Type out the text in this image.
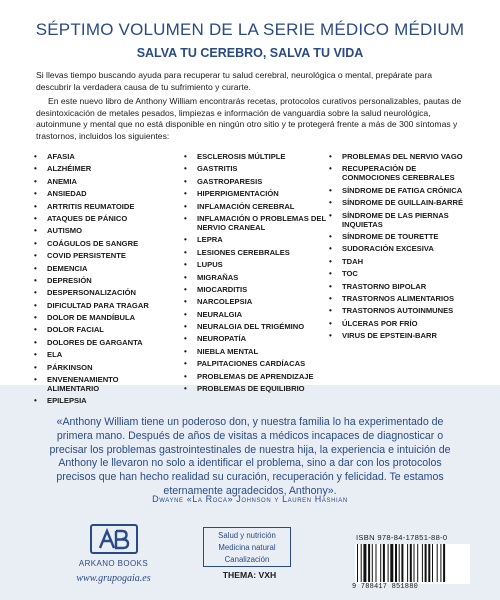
SÉPTIMO VOLUMEN DE LA SERIE MÉDICO MÉDIUM
SALVA TU CEREBRO, SALVA TU VIDA
Si llevas tiempo buscando ayuda para recuperar tu salud cerebral, neurológica o mental, prepárate para descubrir la verdadera causa de tu sufrimiento y curarte.
En este nuevo libro de Anthony William encontrarás recetas, protocolos curativos personalizables, pautas de desintoxicación de metales pesados, limpiezas e información de vanguardia sobre la salud neurológica, autoinmune y mental que no está disponible en ningún otro sitio y te protegerá frente a más de 300 síntomas y trastornos, incluidos los siguientes:
• AFASIA
• ALZHÉIMER
• ANEMIA
• ANSIEDAD
• ARTRITIS REUMATOIDE
• ATAQUES DE PÁNICO
• AUTISMO
• COÁGULOS DE SANGRE
• COVID PERSISTENTE
• DEMENCIA
• DEPRESIÓN
• DESPERSONALIZACIÓN
• DIFICULTAD PARA TRAGAR
• DOLOR DE MANDÍBULA
• DOLOR FACIAL
• DOLORES DE GARGANTA
• ELA
• PÁRKINSON
• ENVENENAMIENTO ALIMENTARIO
• EPILEPSIA
• ESCLEROSIS MÚLTIPLE
• GASTRITIS
• GASTROPARESIS
• HIPERPIGMENTACIÓN
• INFLAMACIÓN CEREBRAL
• INFLAMACIÓN O PROBLEMAS DEL NERVIO CRANEAL
• LEPRA
• LESIONES CEREBRALES
• LUPUS
• MIGRAÑAS
• MIOCARDITIS
• NARCOLEPSIA
• NEURALGIA
• NEURALGIA DEL TRIGÉMINO
• NEUROPATÍA
• NIEBLA MENTAL
• PALPITACIONES CARDÍACAS
• PROBLEMAS DE APRENDIZAJE
• PROBLEMAS DE EQUILIBRIO
• PROBLEMAS DEL NERVIO VAGO
• RECUPERACIÓN DE CONMOCIONES CEREBRALES
• SÍNDROME DE FATIGA CRÓNICA
• SÍNDROME DE GUILLAIN-BARRÉ
• SÍNDROME DE LAS PIERNAS INQUIETAS
• SÍNDROME DE TOURETTE
• SUDORACIÓN EXCESIVA
• TDAH
• TOC
• TRASTORNO BIPOLAR
• TRASTORNOS ALIMENTARIOS
• TRASTORNOS AUTOINMUNES
• ÚLCERAS POR FRÍO
• VIRUS DE EPSTEIN-BARR
«Anthony William tiene un poderoso don, y nuestra familia lo ha experimentado de primera mano. Después de años de visitas a médicos incapaces de diagnosticar o precisar los problemas gastrointestinales de nuestra hija, la experiencia e intuición de Anthony le llevaron no solo a identificar el problema, sino a dar con los protocolos precisos que han hecho realidad su curación, recuperación y felicidad. Te estamos eternamente agradecidos, Anthony».
Dwayne «La Roca» Johnson y Lauren Hashian
ARKANO BOOKS
www.grupogaia.es
Salud y nutrición
Medicina natural
Canalización
THEMA: VXH
ISBN 978-84-17851-88-0
9 788417 851880
